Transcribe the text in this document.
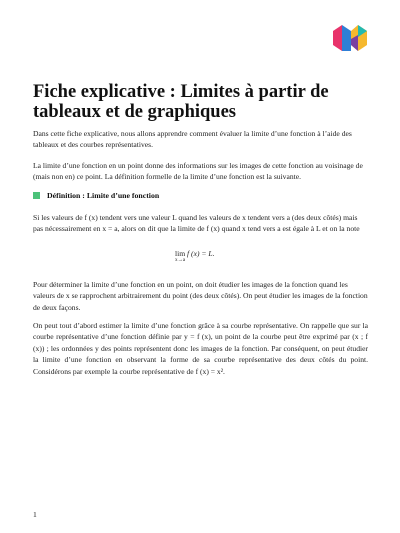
Fiche explicative : Limites à partir de tableaux et de graphiques

Dans cette fiche explicative, nous allons apprendre comment évaluer la limite d’une fonction à l’aide des tableaux et des courbes représentatives.

La limite d’une fonction en un point donne des informations sur les images de cette fonction au voisinage de (mais non en) ce point. La définition formelle de la limite d’une fonction est la suivante.

Définition : Limite d’une fonction

Si les valeurs de f (x) tendent vers une valeur L quand les valeurs de x tendent vers a (des deux côtés) mais pas nécessairement en x = a, alors on dit que la limite de f (x) quand x tend vers a est égale à L et on la note

lim
x→a
f (x) = L.

Pour déterminer la limite d’une fonction en un point, on doit étudier les images de la fonction quand les valeurs de x se rapprochent arbitrairement du point (des deux côtés). On peut étudier les images de la fonction de deux façons.

On peut tout d’abord estimer la limite d’une fonction grâce à sa courbe représentative. On rappelle que sur la courbe représentative d’une fonction définie par y = f (x), un point de la courbe peut être exprimé par (x ; f (x)) ; les ordonnées y des points représentent donc les images de la fonction. Par conséquent, on peut étudier la limite d’une fonction en observant la forme de sa courbe représentative des deux côtés du point. Considérons par exemple la courbe représentative de f (x) = x².

1
